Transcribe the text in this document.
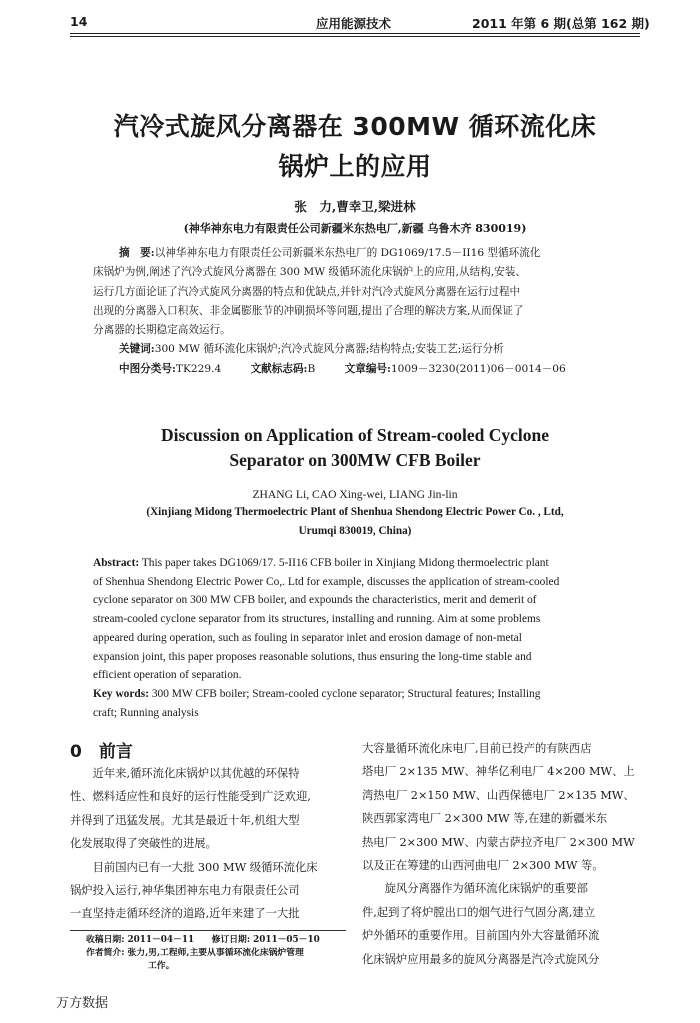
14	应用能源技术	2011 年第 6 期(总第 162 期)
汽冷式旋风分离器在 300MW 循环流化床
锅炉上的应用
张　力,曹幸卫,梁进林
(神华神东电力有限责任公司新疆米东热电厂,新疆 乌鲁木齐 830019)

摘　要:以神华神东电力有限责任公司新疆米东热电厂的 DG1069/17.5－II16 型循环流化

床锅炉为例,阐述了汽冷式旋风分离器在 300 MW 级循环流化床锅炉上的应用,从结构,安装、

运行几方面论证了汽冷式旋风分离器的特点和优缺点,并针对汽冷式旋风分离器在运行过程中

出现的分离器入口积灰、非金属膨胀节的冲刷损坏等问题,提出了合理的解决方案,从而保证了

分离器的长期稳定高效运行。

关键词:300 MW 循环流化床锅炉;汽冷式旋风分离器;结构特点;安装工艺;运行分析

中图分类号:TK229.4	文献标志码:B	文章编号:1009－3230(2011)06－0014－06

Discussion on Application of Stream-cooled Cyclone
Separator on 300MW CFB Boiler
ZHANG Li, CAO Xing-wei, LIANG Jin-lin
(Xinjiang Midong Thermoelectric Plant of Shenhua Shendong Electric Power Co. , Ltd,
Urumqi 830019, China)

Abstract: This paper takes DG1069/17. 5-II16 CFB boiler in Xinjiang Midong thermoelectric plant

of Shenhua Shendong Electric Power Co,. Ltd for example, discusses the application of stream-cooled

cyclone separator on 300 MW CFB boiler, and expounds the characteristics, merit and demerit of

stream-cooled cyclone separator from its structures, installing and running. Aim at some problems

appeared during operation, such as fouling in separator inlet and erosion damage of non-metal

expansion joint, this paper proposes reasonable solutions, thus ensuring the long-time stable and

efficient operation of separation.

Key words: 300 MW CFB boiler; Stream-cooled cyclone separator; Structural features; Installing

craft; Running analysis

0　前言

　　近年来,循环流化床锅炉以其优越的环保特

性、燃料适应性和良好的运行性能受到广泛欢迎,

并得到了迅猛发展。尤其是最近十年,机组大型

化发展取得了突破性的进展。

　　目前国内已有一大批 300 MW 级循环流化床

锅炉投入运行,神华集团神东电力有限责任公司

一直坚持走循环经济的道路,近年来建了一大批

大容量循环流化床电厂,目前已投产的有陕西店

塔电厂 2×135 MW、神华亿利电厂 4×200 MW、上

湾热电厂 2×150 MW、山西保德电厂 2×135 MW、

陕西郭家湾电厂 2×300 MW 等,在建的新疆米东

热电厂 2×300 MW、内蒙古萨拉齐电厂 2×300 MW

以及正在筹建的山西河曲电厂 2×300 MW 等。

　　旋风分离器作为循环流化床锅炉的重要部

件,起到了将炉膛出口的烟气进行气固分离,建立

炉外循环的重要作用。目前国内外大容量循环流

化床锅炉应用最多的旋风分离器是汽冷式旋风分

收稿日期: 2011－04－11　　修订日期: 2011－05－10

作者简介: 张力,男,工程师,主要从事循环流化床锅炉管理

工作。

万方数据
